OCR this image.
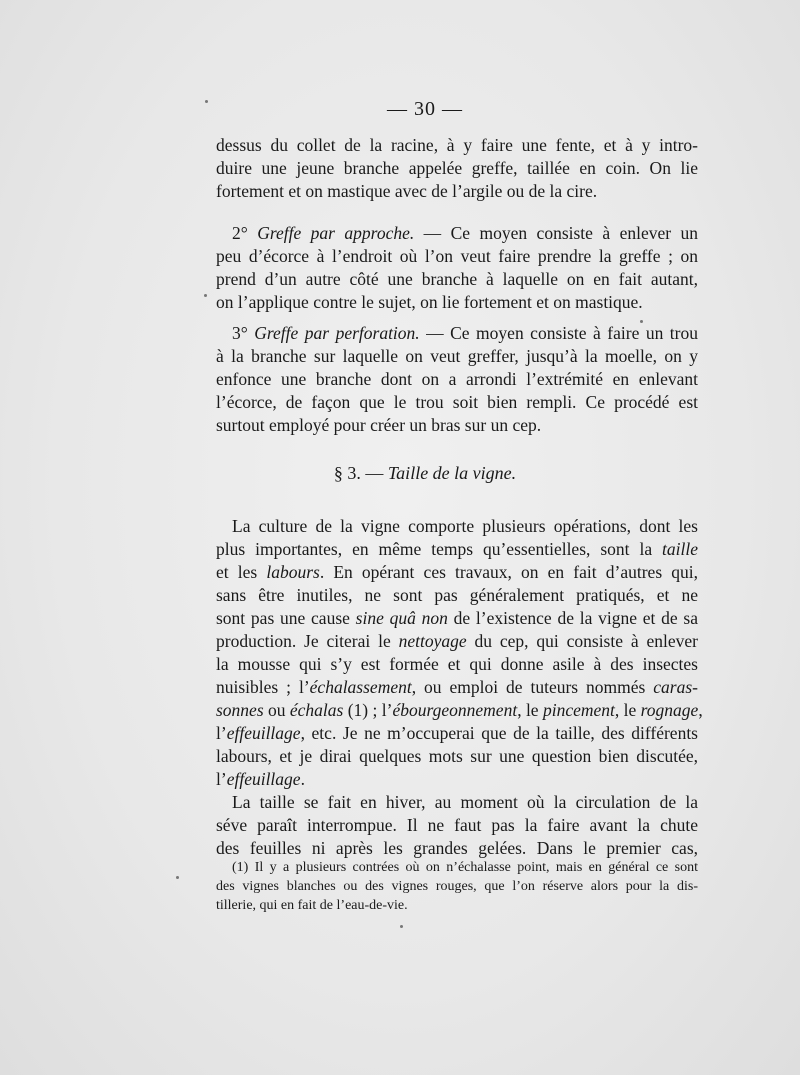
— 30 —
dessus du collet de la racine, à y faire une fente, et à y intro-
duire une jeune branche appelée greffe, taillée en coin. On lie
fortement et on mastique avec de l’argile ou de la cire.
2° Greffe par approche. — Ce moyen consiste à enlever un
peu d’écorce à l’endroit où l’on veut faire prendre la greffe ; on
prend d’un autre côté une branche à laquelle on en fait autant,
on l’applique contre le sujet, on lie fortement et on mastique.
3° Greffe par perforation. — Ce moyen consiste à faire un trou
à la branche sur laquelle on veut greffer, jusqu’à la moelle, on y
enfonce une branche dont on a arrondi l’extrémité en enlevant
l’écorce, de façon que le trou soit bien rempli. Ce procédé est
surtout employé pour créer un bras sur un cep.
§ 3. — Taille de la vigne.
La culture de la vigne comporte plusieurs opérations, dont les
plus importantes, en même temps qu’essentielles, sont la taille
et les labours. En opérant ces travaux, on en fait d’autres qui,
sans être inutiles, ne sont pas généralement pratiqués, et ne
sont pas une cause sine quâ non de l’existence de la vigne et de sa
production. Je citerai le nettoyage du cep, qui consiste à enlever
la mousse qui s’y est formée et qui donne asile à des insectes
nuisibles ; l’échalassement, ou emploi de tuteurs nommés caras-
sonnes ou échalas (1) ; l’ébourgeonnement, le pincement, le rognage,
l’effeuillage, etc. Je ne m’occuperai que de la taille, des différents
labours, et je dirai quelques mots sur une question bien discutée,
l’effeuillage.
La taille se fait en hiver, au moment où la circulation de la
séve paraît interrompue. Il ne faut pas la faire avant la chute
des feuilles ni après les grandes gelées. Dans le premier cas,
(1) Il y a plusieurs contrées où on n’échalasse point, mais en général ce sont
des vignes blanches ou des vignes rouges, que l’on réserve alors pour la dis-
tillerie, qui en fait de l’eau-de-vie.
